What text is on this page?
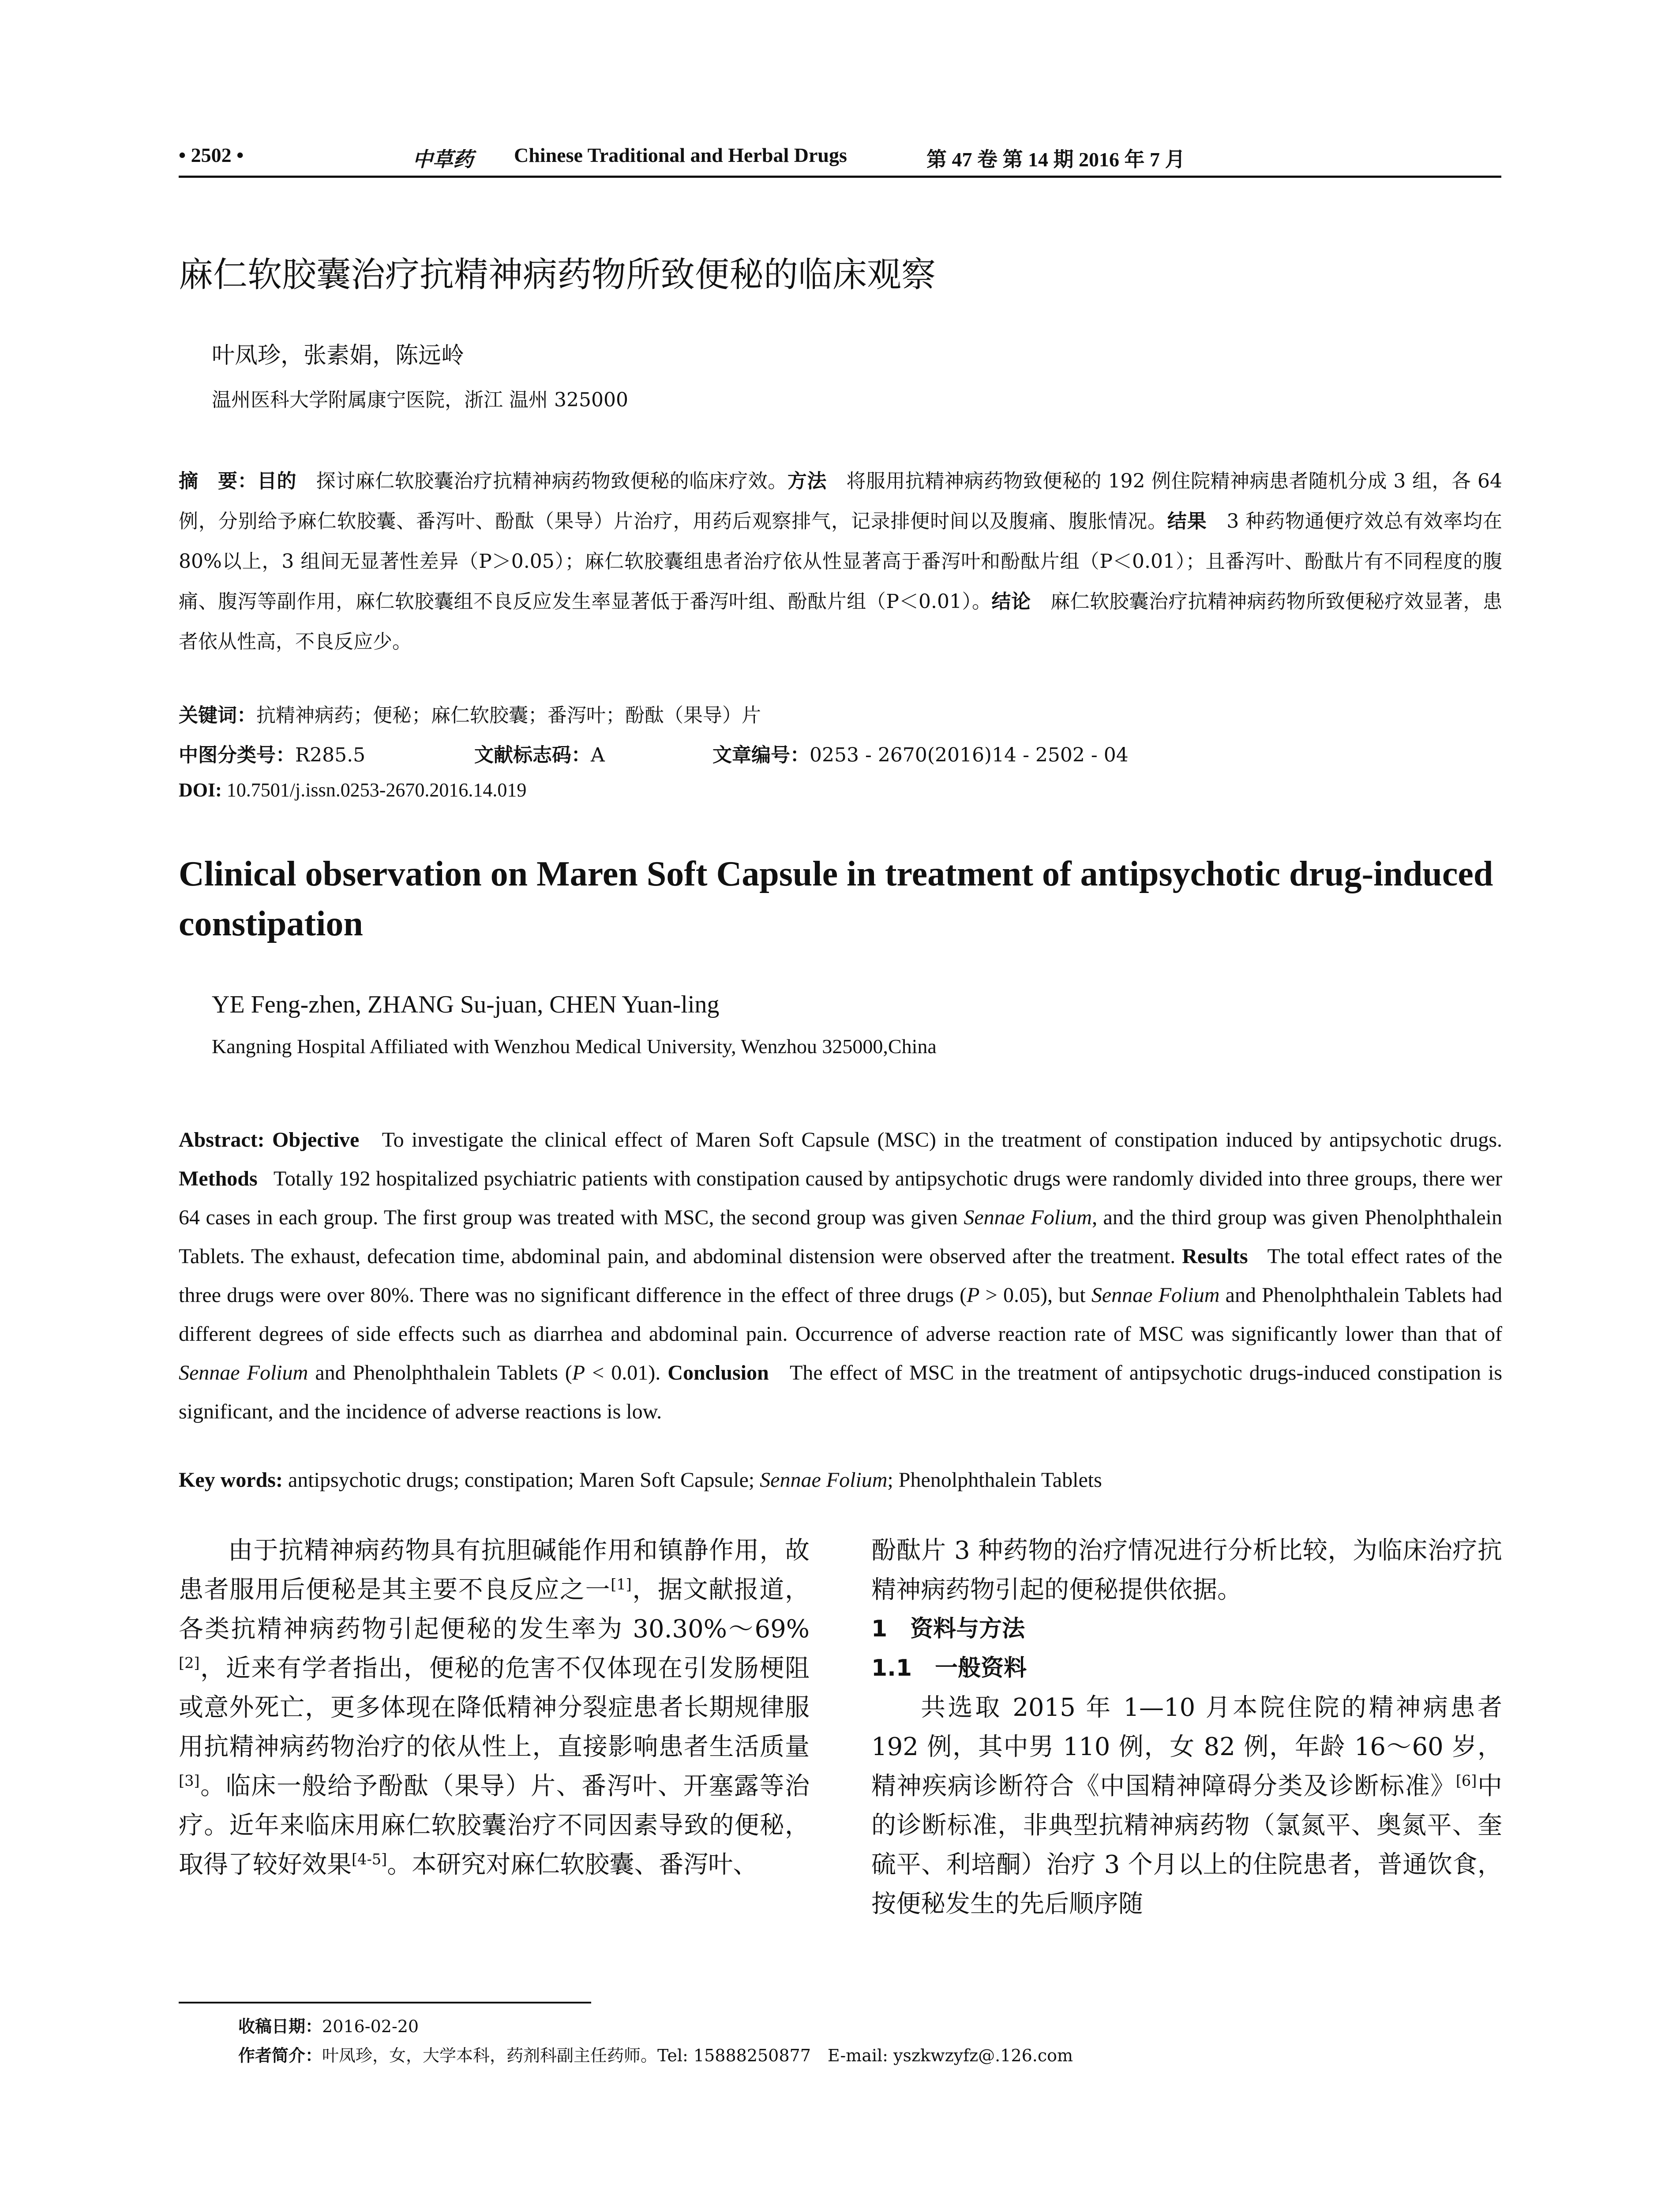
• 2502 •	中草药 Chinese Traditional and Herbal Drugs	第 47 卷 第 14 期 2016 年 7 月
麻仁软胶囊治疗抗精神病药物所致便秘的临床观察
叶凤珍，张素娟，陈远岭
温州医科大学附属康宁医院，浙江 温州 325000
摘　要：目的　 探讨麻仁软胶囊治疗抗精神病药物致便秘的临床疗效。方法　 将服用抗精神病药物致便秘的 192 例住院精神病患者随机分成 3 组，各 64 例，分别给予麻仁软胶囊、番泻叶、酚酞（果导）片治疗，用药后观察排气，记录排便时间以及腹痛、腹胀情况。结果　 3 种药物通便疗效总有效率均在 80%以上，3 组间无显著性差异（P＞0.05）；麻仁软胶囊组患者治疗依从性显著高于番泻叶和酚酞片组（P＜0.01）；且番泻叶、酚酞片有不同程度的腹痛、腹泻等副作用，麻仁软胶囊组不良反应发生率显著低于番泻叶组、酚酞片组（P＜0.01）。结论　 麻仁软胶囊治疗抗精神病药物所致便秘疗效显著，患者依从性高，不良反应少。
关键词：抗精神病药；便秘；麻仁软胶囊；番泻叶；酚酞（果导）片
中图分类号：R285.5	文献标志码：A	文章编号：0253 - 2670(2016)14 - 2502 - 04
DOI: 10.7501/j.issn.0253-2670.2016.14.019
Clinical observation on Maren Soft Capsule in treatment of antipsychotic drug-induced constipation
YE Feng-zhen, ZHANG Su-juan, CHEN Yuan-ling
Kangning Hospital Affiliated with Wenzhou Medical University, Wenzhou 325000,China
Abstract: Objective To investigate the clinical effect of Maren Soft Capsule (MSC) in the treatment of constipation induced by antipsychotic drugs. Methods Totally 192 hospitalized psychiatric patients with constipation caused by antipsychotic drugs were randomly divided into three groups, there wer 64 cases in each group. The first group was treated with MSC, the second group was given Sennae Folium, and the third group was given Phenolphthalein Tablets. The exhaust, defecation time, abdominal pain, and abdominal distension were observed after the treatment. Results The total effect rates of the three drugs were over 80%. There was no significant difference in the effect of three drugs (P > 0.05), but Sennae Folium and Phenolphthalein Tablets had different degrees of side effects such as diarrhea and abdominal pain. Occurrence of adverse reaction rate of MSC was significantly lower than that of Sennae Folium and Phenolphthalein Tablets (P < 0.01). Conclusion The effect of MSC in the treatment of antipsychotic drugs-induced constipation is significant, and the incidence of adverse reactions is low.
Key words: antipsychotic drugs; constipation; Maren Soft Capsule; Sennae Folium; Phenolphthalein Tablets

由于抗精神病药物具有抗胆碱能作用和镇静作用，故患者服用后便秘是其主要不良反应之一[1]，据文献报道，各类抗精神病药物引起便秘的发生率为 30.30%～69%[2]，近来有学者指出，便秘的危害不仅体现在引发肠梗阻或意外死亡，更多体现在降低精神分裂症患者长期规律服用抗精神病药物治疗的依从性上，直接影响患者生活质量[3]。临床一般给予酚酞（果导）片、番泻叶、开塞露等治疗。近年来临床用麻仁软胶囊治疗不同因素导致的便秘，取得了较好效果[4-5]。本研究对麻仁软胶囊、番泻叶、

酚酞片 3 种药物的治疗情况进行分析比较，为临床治疗抗精神病药物引起的便秘提供依据。

1　资料与方法

1.1　一般资料

共选取 2015 年 1—10 月本院住院的精神病患者 192 例，其中男 110 例，女 82 例，年龄 16～60 岁，精神疾病诊断符合《中国精神障碍分类及诊断标准》[6]中的诊断标准，非典型抗精神病药物（氯氮平、奥氮平、奎硫平、利培酮）治疗 3 个月以上的住院患者，普通饮食，按便秘发生的先后顺序随

收稿日期：2016-02-20
作者简介：叶凤珍，女，大学本科，药剂科副主任药师。Tel: 15888250877　E-mail: yszkwzyfz@.126.com
